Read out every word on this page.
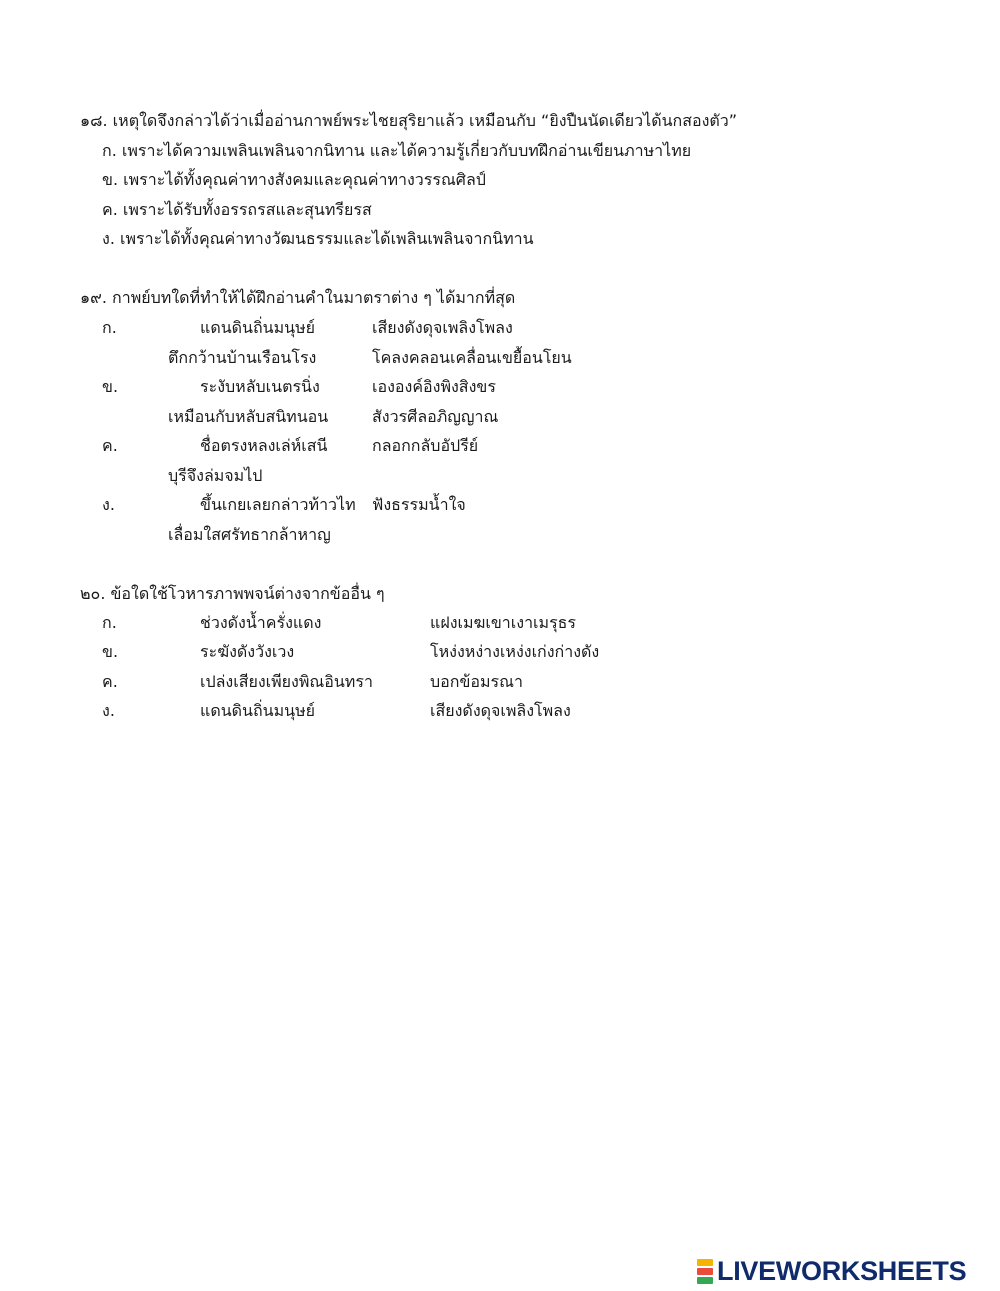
๑๘. เหตุใดจึงกล่าวได้ว่าเมื่ออ่านกาพย์พระไชยสุริยาแล้ว เหมือนกับ “ยิงปืนนัดเดียวได้นกสองตัว”
ก. เพราะได้ความเพลินเพลินจากนิทาน และได้ความรู้เกี่ยวกับบทฝึกอ่านเขียนภาษาไทย
ข. เพราะได้ทั้งคุณค่าทางสังคมและคุณค่าทางวรรณศิลป์
ค. เพราะได้รับทั้งอรรถรสและสุนทรียรส
ง. เพราะได้ทั้งคุณค่าทางวัฒนธรรมและได้เพลินเพลินจากนิทาน
๑๙. กาพย์บทใดที่ทำให้ได้ฝึกอ่านคำในมาตราต่าง ๆ ได้มากที่สุด
ก.	แดนดินถิ่นมนุษย์	เสียงดังดุจเพลิงโพลง
ตึกกว้านบ้านเรือนโรง	โคลงคลอนเคลื่อนเขยื้อนโยน
ข.	ระงับหลับเนตรนิ่ง	เององค์อิงพิงสิงขร
เหมือนกับหลับสนิทนอน	สังวรศีลอภิญญาณ
ค.	ชื่อตรงหลงเล่ห์เสนี	กลอกกลับอัปรีย์
บุรีจึงล่มจมไป
ง.	ขึ้นเกยเลยกล่าวท้าวไท ฟังธรรมน้ำใจ
เลื่อมใสศรัทธากล้าหาญ
๒๐. ข้อใดใช้โวหารภาพพจน์ต่างจากข้ออื่น ๆ
ก.	ช่วงดังน้ำครั่งแดง	แฝงเมฆเขาเงาเมรุธร
ข.	ระฆังดังวังเวง	โหง่งหง่างเหง่งเก่งก่างดัง
ค.	เปล่งเสียงเพียงพิณอินทรา	บอกข้อมรณา
ง.	แดนดินถิ่นมนุษย์	เสียงดังดุจเพลิงโพลง
LIVEWORKSHEETS
